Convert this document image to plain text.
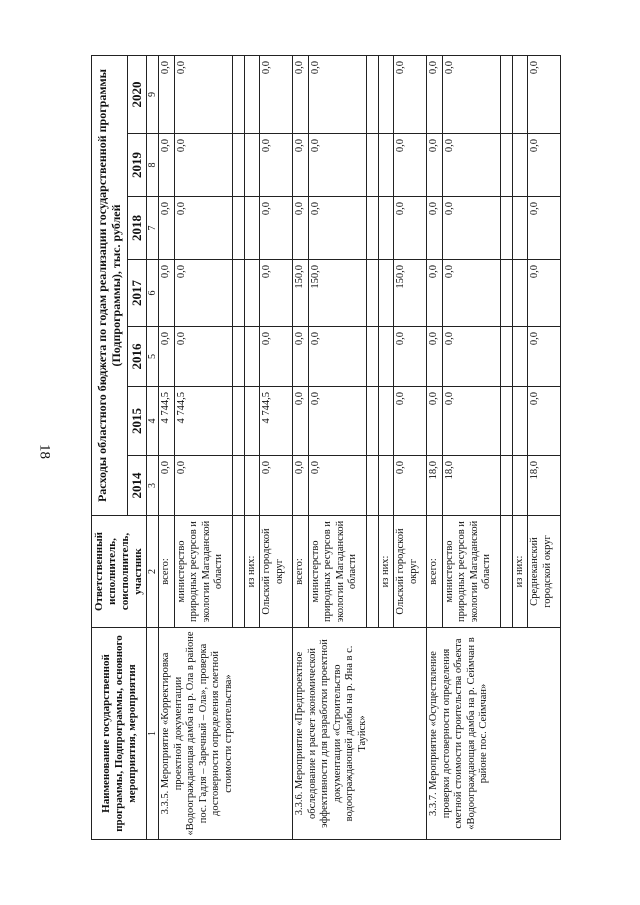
18
Наименование государственной программы, Подпрограммы, основного мероприятия, мероприятия	Ответственный исполнитель, соисполнитель, участник	Расходы областного бюджета по годам реализации государственной программы (Подпрограммы), тыс. рублей						
		2014	2015	2016	2017	2018	2019	2020
1	2	3	4	5	6	7	8	9
3.3.5. Мероприятие «Корректировка проектной документации «Водоограждающая дамба на р. Ола в районе пос. Гадля – Заречный – Ола», проверка достоверности определения сметной стоимости строительства»	всего:	0,0	4 744,5	0,0	0,0	0,0	0,0	0,0
	министерство природных ресурсов и экологии Магаданской области	0,0	4 744,5	0,0	0,0	0,0	0,0	0,0

	из них:							
	Ольский городской округ	0,0	4 744,5	0,0	0,0	0,0	0,0	0,0
3.3.6. Мероприятие «Предпроектное обследование и расчет экономической эффективности для разработки проектной документации «Строительство водоограждающей дамбы на р. Яна в с. Тауйск»	всего:	0,0	0,0	0,0	150,0	0,0	0,0	0,0
	министерство природных ресурсов и экологии Магаданской области	0,0	0,0	0,0	150,0	0,0	0,0	0,0

	из них:							
	Ольский городской округ	0,0	0,0	0,0	150,0	0,0	0,0	0,0
3.3.7. Мероприятие «Осуществление проверки достоверности определения сметной стоимости строительства объекта «Водоограждающая дамба на р. Сеймчан в районе пос. Сеймчан»	всего:	18,0	0,0	0,0	0,0	0,0	0,0	0,0
	министерство природных ресурсов и экологии Магаданской области	18,0	0,0	0,0	0,0	0,0	0,0	0,0

	из них:							
	Среднеканский городской округ	18,0	0,0	0,0	0,0	0,0	0,0	0,0
